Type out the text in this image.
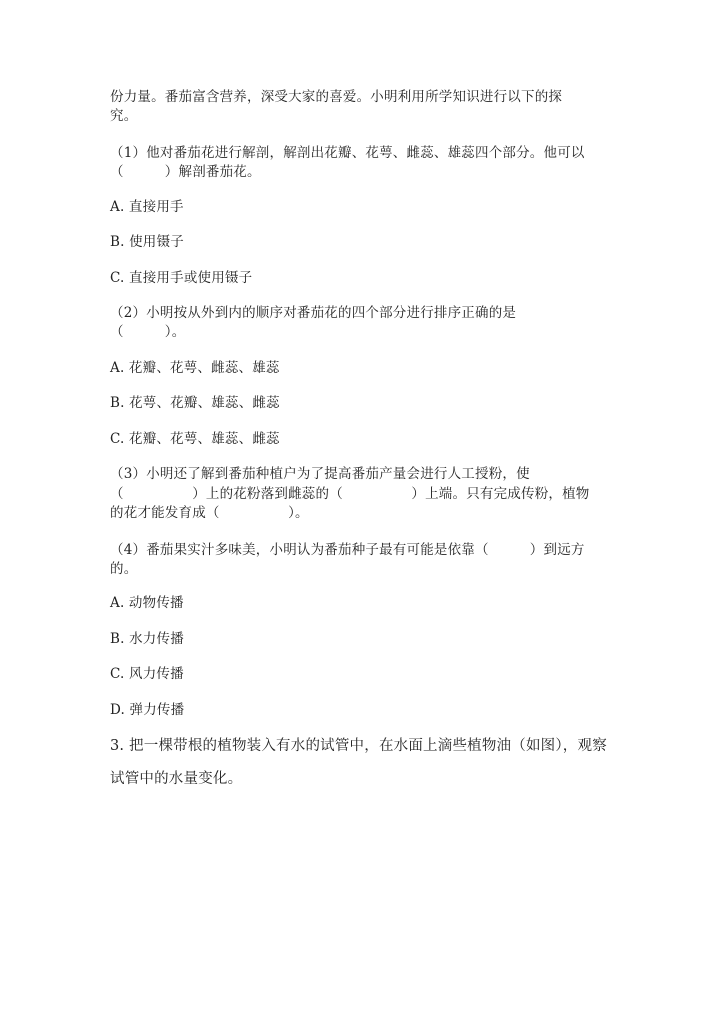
份力量。番茄富含营养，深受大家的喜爱。小明利用所学知识进行以下的探
究。
（1）他对番茄花进行解剖，解剖出花瓣、花萼、雌蕊、雄蕊四个部分。他可以
（　　　）解剖番茄花。
A. 直接用手
B. 使用镊子
C. 直接用手或使用镊子
（2）小明按从外到内的顺序对番茄花的四个部分进行排序正确的是
（　　　）。
A. 花瓣、花萼、雌蕊、雄蕊
B. 花萼、花瓣、雄蕊、雌蕊
C. 花瓣、花萼、雄蕊、雌蕊
（3）小明还了解到番茄种植户为了提高番茄产量会进行人工授粉，使
（　　　　　）上的花粉落到雌蕊的（　　　　　）上端。只有完成传粉，植物
的花才能发育成（　　　　　）。
（4）番茄果实汁多味美，小明认为番茄种子最有可能是依靠（　　　）到远方
的。
A. 动物传播
B. 水力传播
C. 风力传播
D. 弹力传播
3. 把一棵带根的植物装入有水的试管中，在水面上滴些植物油（如图），观察
试管中的水量变化。
